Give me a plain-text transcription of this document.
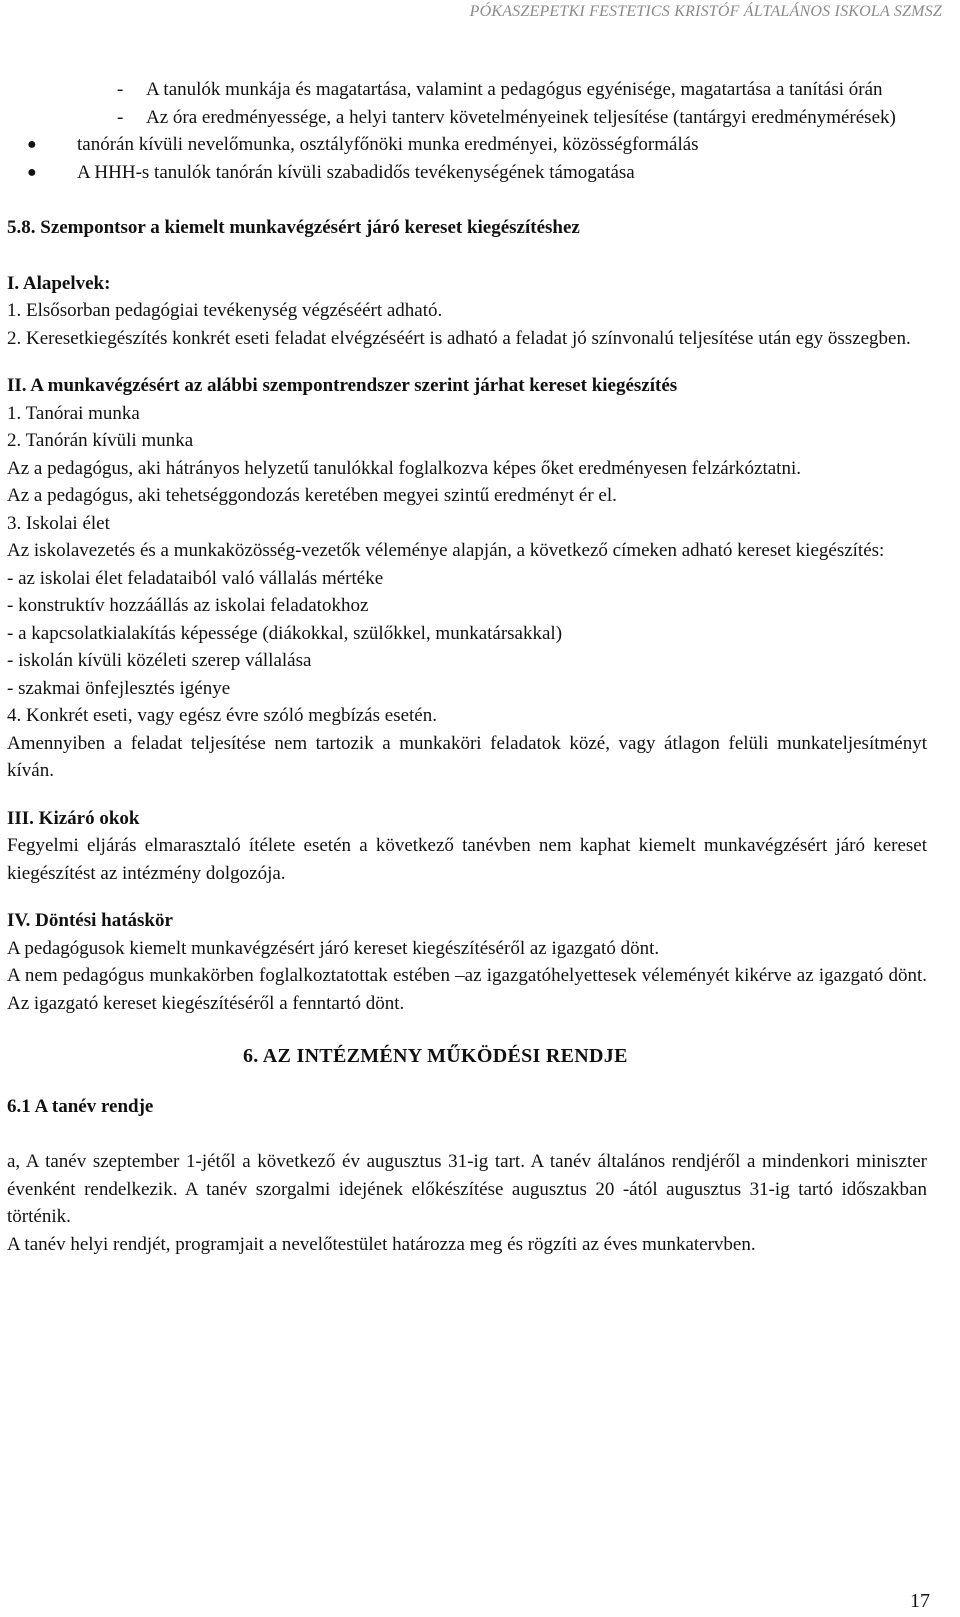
PÓKASZEPETKI FESTETICS KRISTÓF ÁLTALÁNOS ISKOLA SZMSZ
-	A tanulók munkája és magatartása, valamint a pedagógus egyénisége, magatartása a tanítási órán
-	Az óra eredményessége, a helyi tanterv követelményeinek teljesítése (tantárgyi eredménymérések)
●	tanórán kívüli nevelőmunka, osztályfőnöki munka eredményei, közösségformálás
●	A HHH-s tanulók tanórán kívüli szabadidős tevékenységének támogatása
5.8. Szempontsor a kiemelt munkavégzésért járó kereset kiegészítéshez
I. Alapelvek:
1. Elsősorban pedagógiai tevékenység végzéséért adható.
2. Keresetkiegészítés konkrét eseti feladat elvégzéséért is adható a feladat jó színvonalú teljesítése után egy összegben.
II. A munkavégzésért az alábbi szempontrendszer szerint járhat kereset kiegészítés
1. Tanórai munka
2. Tanórán kívüli munka
Az a pedagógus, aki hátrányos helyzetű tanulókkal foglalkozva képes őket eredményesen felzárkóztatni.
Az a pedagógus, aki tehetséggondozás keretében megyei szintű eredményt ér el.
3. Iskolai élet
Az iskolavezetés és a munkaközösség-vezetők véleménye alapján, a következő címeken adható kereset kiegészítés:
- az iskolai élet feladataiból való vállalás mértéke
- konstruktív hozzáállás az iskolai feladatokhoz
- a kapcsolatkialakítás képessége (diákokkal, szülőkkel, munkatársakkal)
- iskolán kívüli közéleti szerep vállalása
- szakmai önfejlesztés igénye
4. Konkrét eseti, vagy egész évre szóló megbízás esetén.
Amennyiben a feladat teljesítése nem tartozik a munkaköri feladatok közé, vagy átlagon felüli munkateljesítményt kíván.
III. Kizáró okok
Fegyelmi eljárás elmarasztaló ítélete esetén a következő tanévben nem kaphat kiemelt munkavégzésért járó kereset kiegészítést az intézmény dolgozója.
IV. Döntési hatáskör
A pedagógusok kiemelt munkavégzésért járó kereset kiegészítéséről az igazgató dönt.
A nem pedagógus munkakörben foglalkoztatottak estében –az igazgatóhelyettesek véleményét kikérve az igazgató dönt. Az igazgató kereset kiegészítéséről a fenntartó dönt.
6. AZ INTÉZMÉNY MŰKÖDÉSI RENDJE
6.1 A tanév rendje
a, A tanév szeptember 1-jétől a következő év augusztus 31-ig tart. A tanév általános rendjéről a mindenkori miniszter évenként rendelkezik. A tanév szorgalmi idejének előkészítése augusztus 20 -ától augusztus 31-ig tartó időszakban történik.
A tanév helyi rendjét, programjait a nevelőtestület határozza meg és rögzíti az éves munkatervben.
17
